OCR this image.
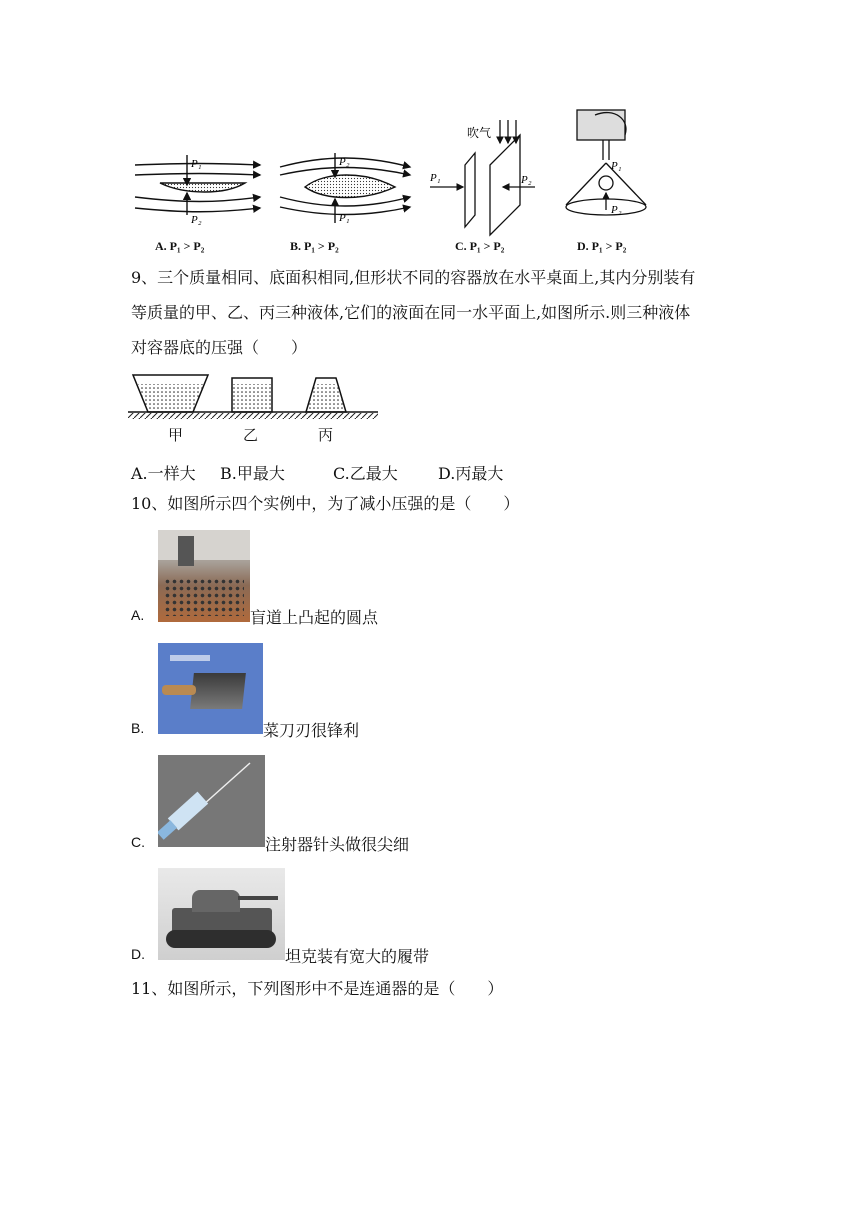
P₁
P₂
P₂
P₁
吹气
P₁	P₂
P₁
P₂
A. P₁ > P₂	B. P₁ > P₂	C. P₁ > P₂	D. P₁ > P₂
9、三个质量相同、底面积相同,但形状不同的容器放在水平桌面上,其内分别装有
等质量的甲、乙、丙三种液体,它们的液面在同一水平面上,如图所示.则三种液体
对容器底的压强（　　）
甲	乙	丙
A.一样大 B.甲最大	C.乙最大	D.丙最大
10、如图所示四个实例中，为了减小压强的是（　　）
A.	盲道上凸起的圆点
B.	菜刀刃很锋利
C.	注射器针头做很尖细
D.	坦克装有宽大的履带
11、如图所示，下列图形中不是连通器的是（　　）
